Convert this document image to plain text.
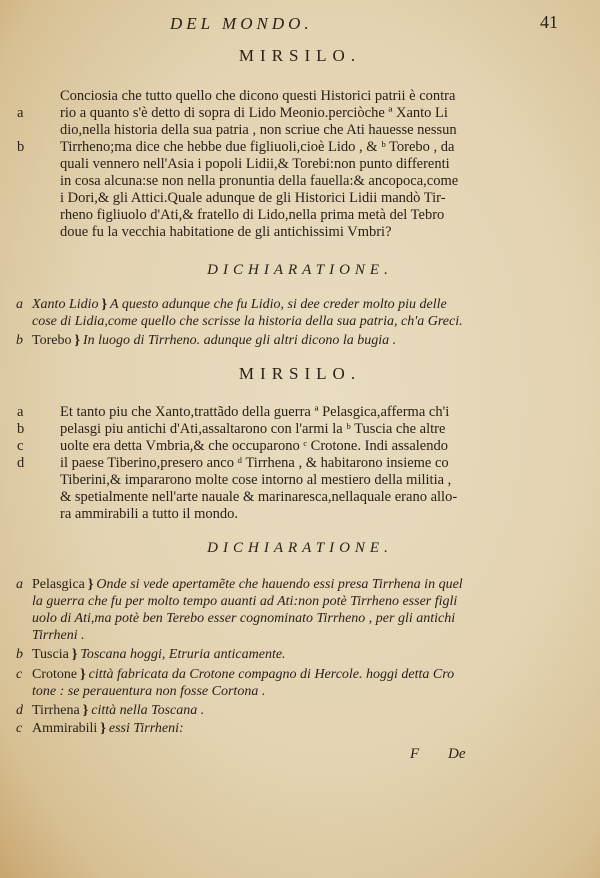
DEL MONDO.	41
MIRSILO.
Conciosia che tutto quello che dicono questi Historici patrii è contra
rio a quanto s'è detto di sopra di Lido Meonio.perciòche ª Xanto Li
dio,nella historia della sua patria , non scriue che Ati hauesse nessun
Tirrheno;ma dice che hebbe due figliuoli,cioè Lido , & ᵇ Torebo , da
quali vennero nell'Asia i popoli Lidii,& Torebi:non punto differenti
in cosa alcuna:se non nella pronuntia della fauella:& ancopoca,come
i Dori,& gli Attici.Quale adunque de gli Historici Lidii mandò Tir-
rheno figliuolo d'Ati,& fratello di Lido,nella prima metà del Tebro
doue fu la vecchia habitatione de gli antichissimi Vmbri?
a
b
DICHIARATIONE.
a Xanto Lidio } A questo adunque che fu Lidio, si dee creder molto piu delle
cose di Lidia,come quello che scrisse la historia della sua patria, ch'a Greci.
b Torebo } In luogo di Tirrheno. adunque gli altri dicono la bugia .
MIRSILO.
Et tanto piu che Xanto,trattãdo della guerra ª Pelasgica,afferma ch'i
pelasgi piu antichi d'Ati,assaltarono con l'armi la ᵇ Tuscia che altre
uolte era detta Vmbria,& che occuparono ᶜ Crotone. Indi assalendo
il paese Tiberino,presero anco ᵈ Tirrhena , & habitarono insieme co
Tiberini,& impararono molte cose intorno al mestiero della militia ,
& spetialmente nell'arte nauale & marinaresca,nellaquale erano allo-
ra ammirabili a tutto il mondo.
a
b
c
d
DICHIARATIONE.
a Pelasgica } Onde si vede apertamẽte che hauendo essi presa Tirrhena in quel
la guerra che fu per molto tempo auanti ad Ati:non potè Tirrheno esser figli
uolo di Ati,ma potè ben Terebo esser cognominato Tirrheno , per gli antichi
Tirrheni .
b Tuscia } Toscana hoggi, Etruria anticamente.
c Crotone } città fabricata da Crotone compagno di Hercole. hoggi detta Cro
tone : se perauentura non fosse Cortona .
d Tirrhena } città nella Toscana .
c Ammirabili } essi Tirrheni:
F De
